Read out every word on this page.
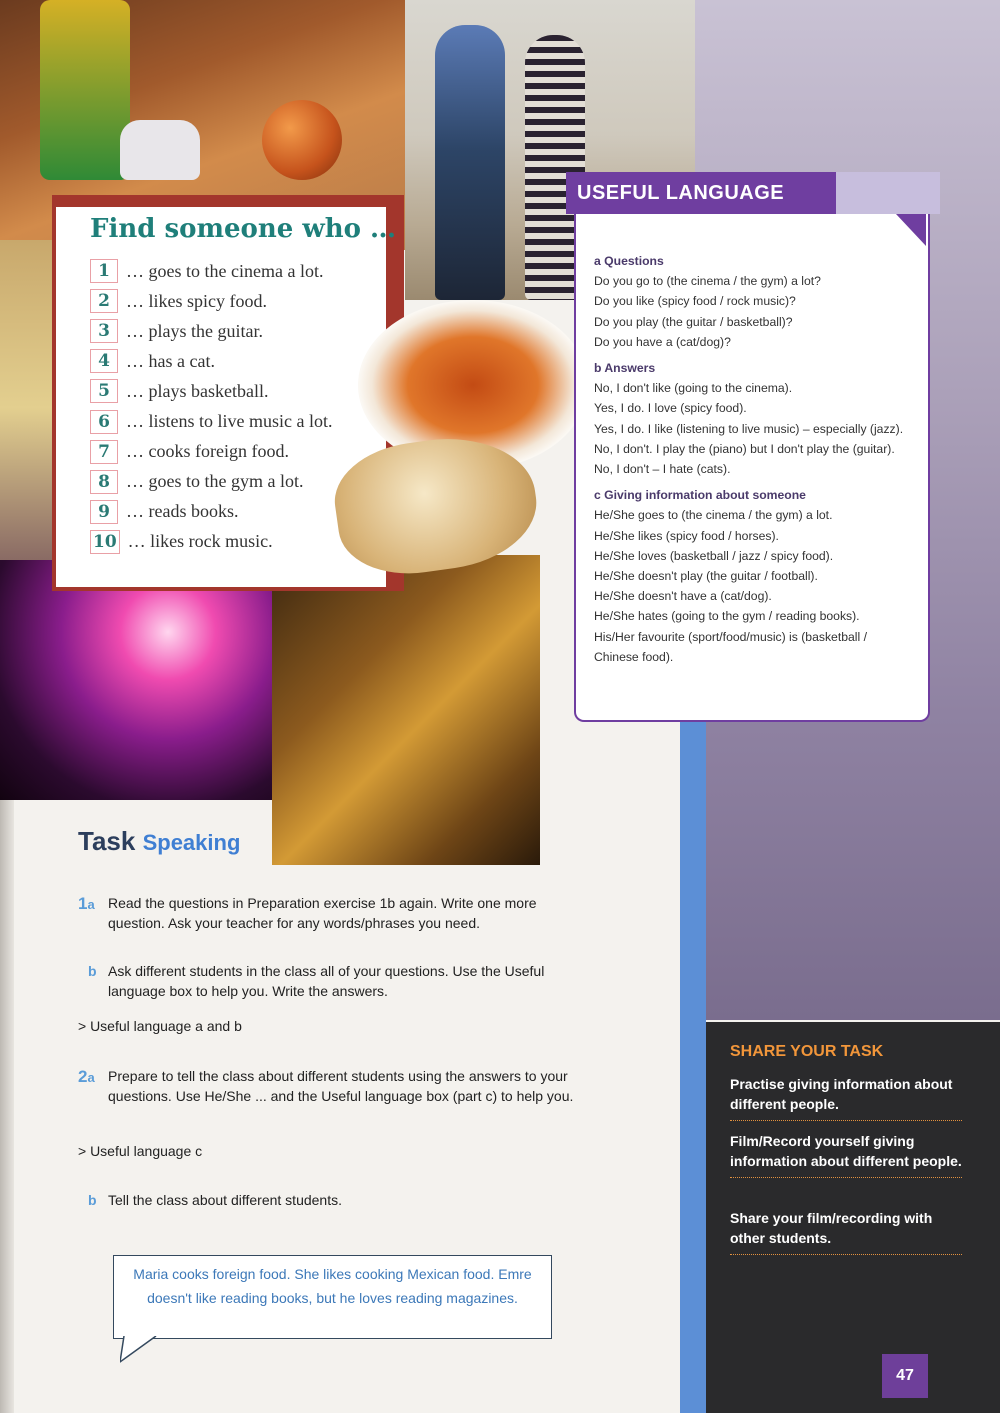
Find someone who …
1 … goes to the cinema a lot.
2 … likes spicy food.
3 … plays the guitar.
4 … has a cat.
5 … plays basketball.
6 … listens to live music a lot.
7 … cooks foreign food.
8 … goes to the gym a lot.
9 … reads books.
10 … likes rock music.
USEFUL LANGUAGE
a Questions

Do you go to (the cinema / the gym) a lot?

Do you like (spicy food / rock music)?

Do you play (the guitar / basketball)?

Do you have a (cat/dog)?

b Answers

No, I don't like (going to the cinema).

Yes, I do. I love (spicy food).

Yes, I do. I like (listening to live music) – especially (jazz).

No, I don't. I play the (piano) but I don't play the (guitar).

No, I don't – I hate (cats).

c Giving information about someone

He/She goes to (the cinema / the gym) a lot.

He/She likes (spicy food / horses).

He/She loves (basketball / jazz / spicy food).

He/She doesn't play (the guitar / football).

He/She doesn't have a (cat/dog).

He/She hates (going to the gym / reading books).

His/Her favourite (sport/food/music) is (basketball / Chinese food).

Task Speaking
1a Read the questions in Preparation exercise 1b again. Write one more question. Ask your teacher for any words/phrases you need.
b Ask different students in the class all of your questions. Use the Useful language box to help you. Write the answers.
> Useful language a and b
2a Prepare to tell the class about different students using the answers to your questions. Use He/She ... and the Useful language box (part c) to help you.
> Useful language c
b Tell the class about different students.
Maria cooks foreign food. She likes cooking Mexican food. Emre doesn't like reading books, but he loves reading magazines.
SHARE YOUR TASK
Practise giving information about different people.
Film/Record yourself giving information about different people.
Share your film/recording with other students.
47
